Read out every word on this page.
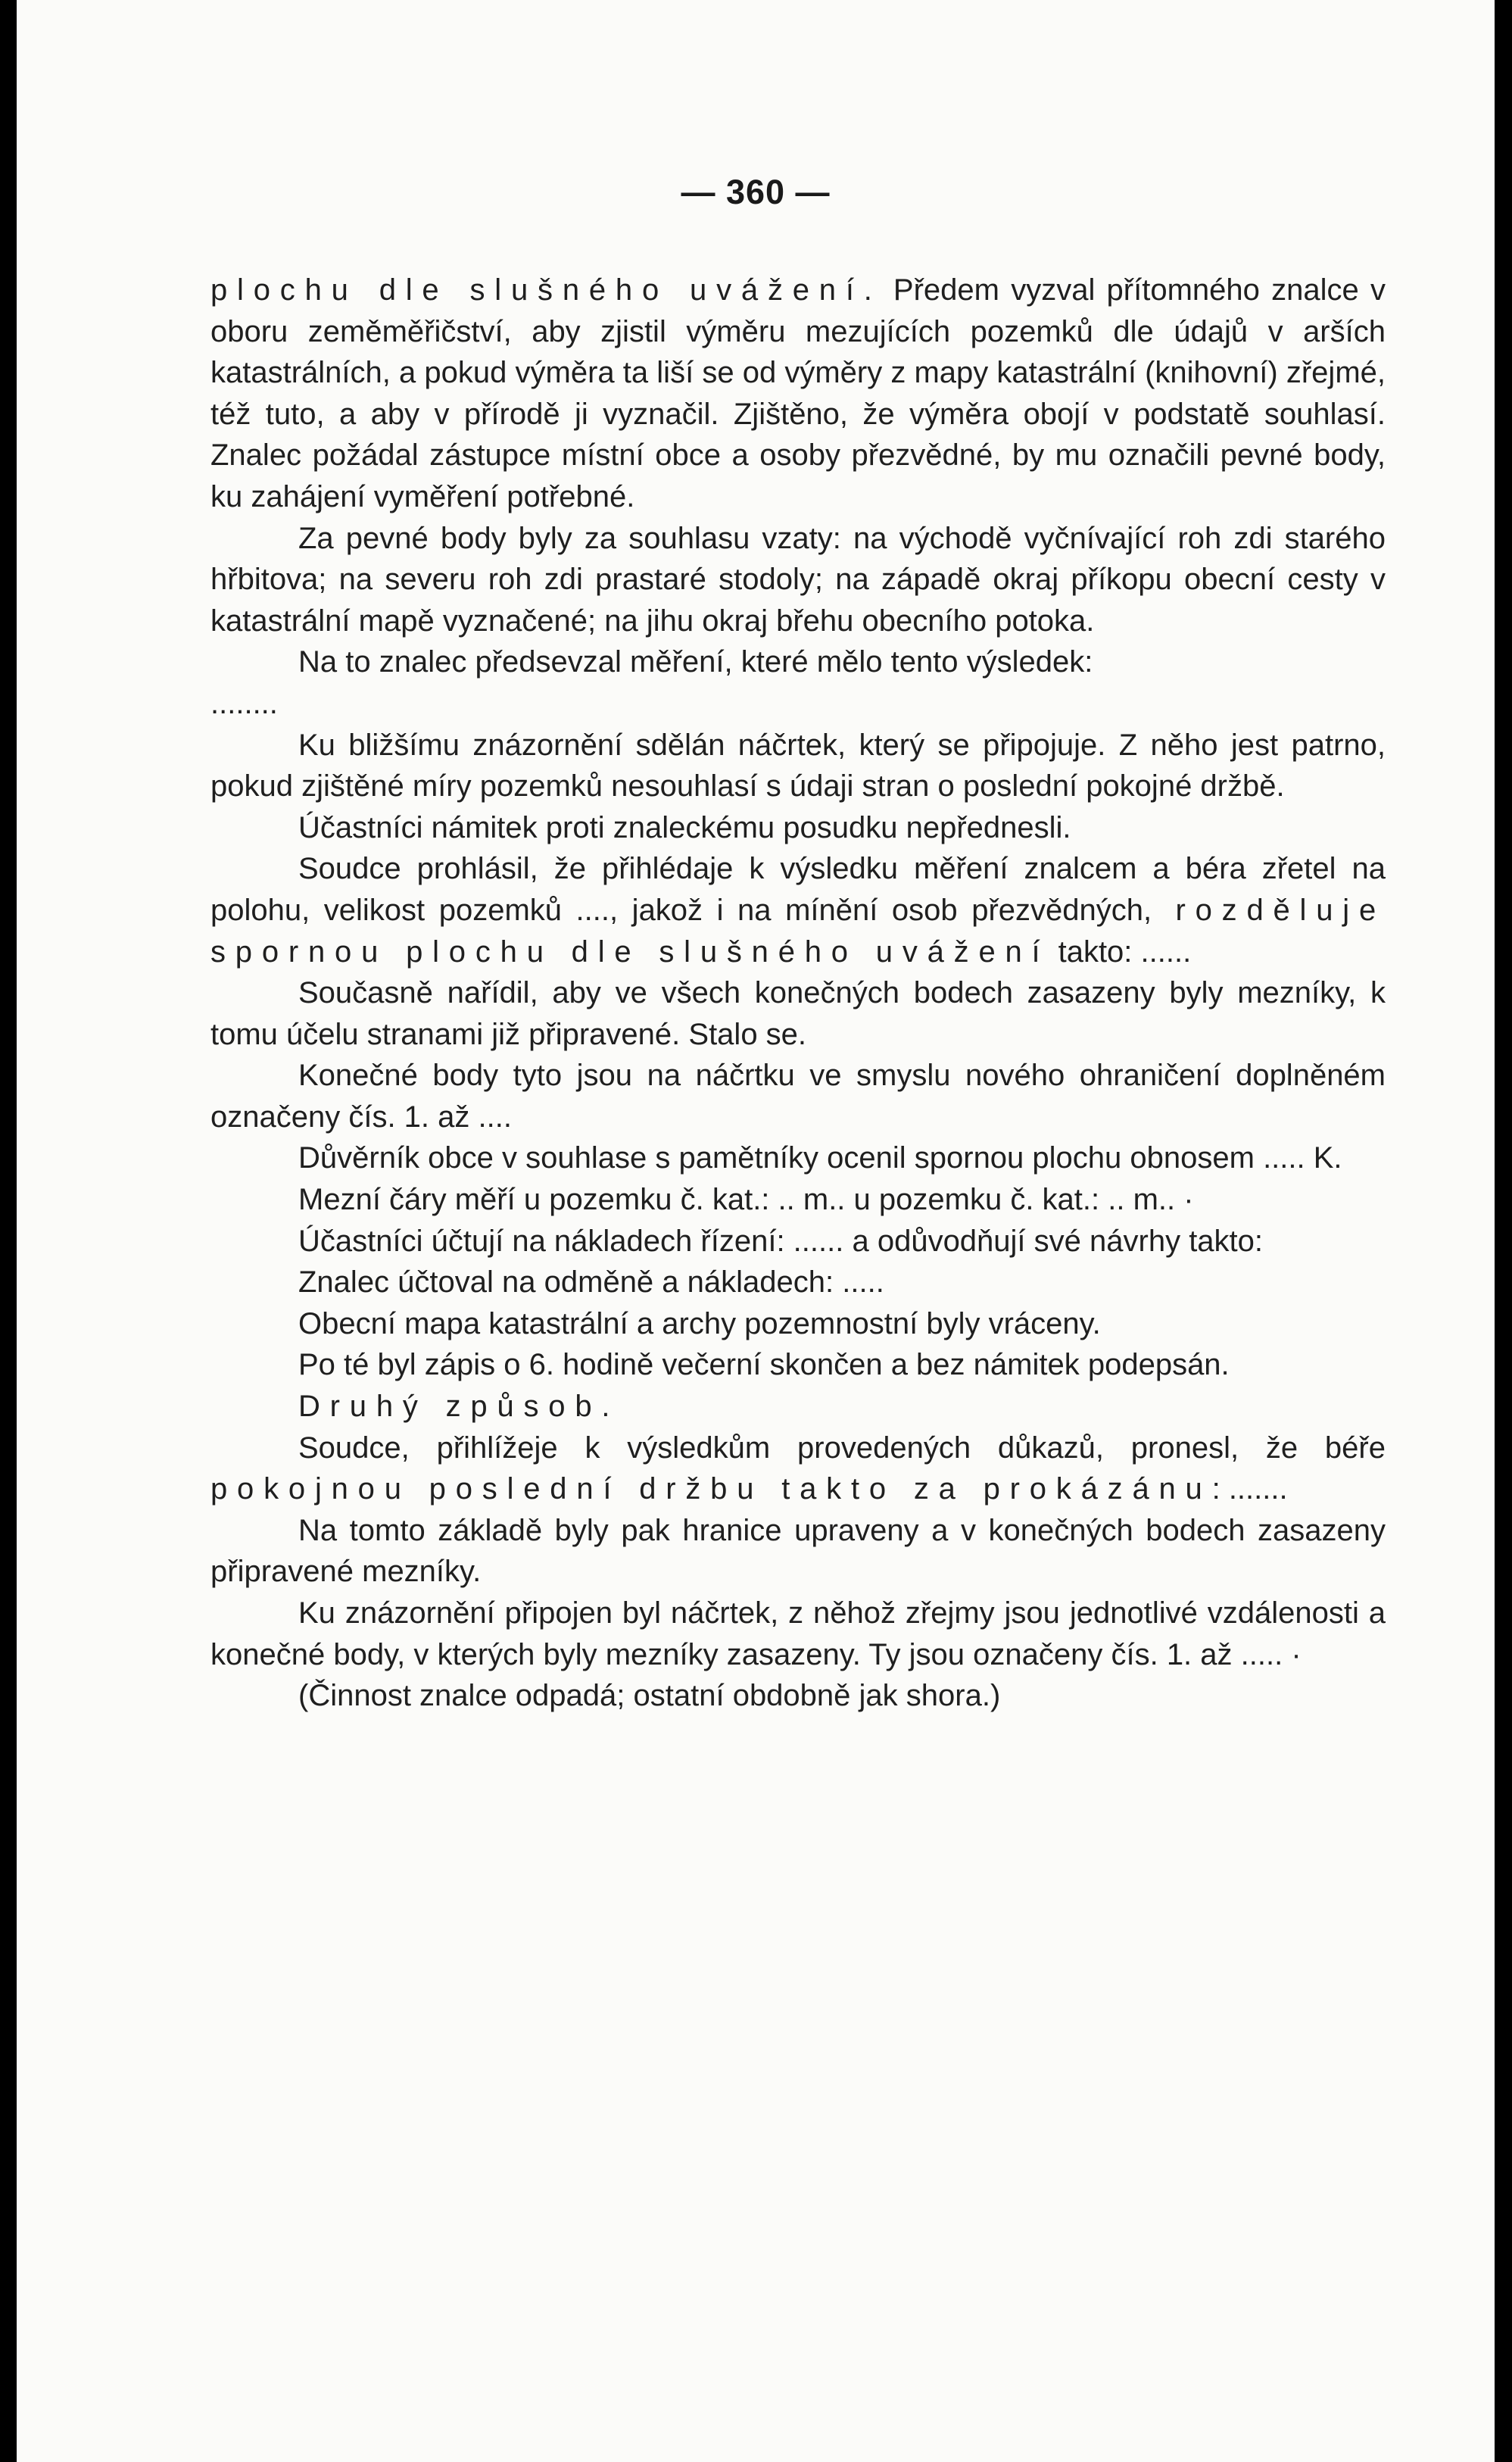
— 360 —

plochu dle slušného uvážení. Předem vyzval přítomného znalce v oboru zeměměřičství, aby zjistil výměru mezujících pozemků dle údajů v arších katastrálních, a pokud výměra ta liší se od výměry z mapy katastrální (knihovní) zřejmé, též tuto, a aby v přírodě ji vyznačil. Zjištěno, že výměra obojí v podstatě souhlasí. Znalec požádal zástupce místní obce a osoby přezvědné, by mu označili pevné body, ku zahájení vyměření potřebné.

Za pevné body byly za souhlasu vzaty: na východě vyčnívající roh zdi starého hřbitova; na severu roh zdi prastaré stodoly; na západě okraj příkopu obecní cesty v katastrální mapě vyznačené; na jihu okraj břehu obecního potoka.

Na to znalec předsevzal měření, které mělo tento výsledek:

........

Ku bližšímu znázornění sdělán náčrtek, který se připojuje. Z něho jest patrno, pokud zjištěné míry pozemků nesouhlasí s údaji stran o poslední pokojné držbě.

Účastníci námitek proti znaleckému posudku nepřednesli.

Soudce prohlásil, že přihlédaje k výsledku měření znalcem a béra zřetel na polohu, velikost pozemků ...., jakož i na mínění osob přezvědných, rozděluje spornou plochu dle slušného uvážení takto: ......

Současně nařídil, aby ve všech konečných bodech zasazeny byly mezníky, k tomu účelu stranami již připravené. Stalo se.

Konečné body tyto jsou na náčrtku ve smyslu nového ohraničení doplněném označeny čís. 1. až ....

Důvěrník obce v souhlase s pamětníky ocenil spornou plochu obnosem ..... K.

Mezní čáry měří u pozemku č. kat.: .. m.. u pozemku č. kat.: .. m.. ·

Účastníci účtují na nákladech řízení: ...... a odůvodňují své návrhy takto:

Znalec účtoval na odměně a nákladech: .....

Obecní mapa katastrální a archy pozemnostní byly vráceny.

Po té byl zápis o 6. hodině večerní skončen a bez námitek podepsán.

Druhý způsob.

Soudce, přihlížeje k výsledkům provedených důkazů, pronesl, že béře pokojnou poslední držbu takto za prokázánu: .......

Na tomto základě byly pak hranice upraveny a v konečných bodech zasazeny připravené mezníky.

Ku znázornění připojen byl náčrtek, z něhož zřejmy jsou jednotlivé vzdálenosti a konečné body, v kterých byly mezníky zasazeny. Ty jsou označeny čís. 1. až ..... ·

(Činnost znalce odpadá; ostatní obdobně jak shora.)
